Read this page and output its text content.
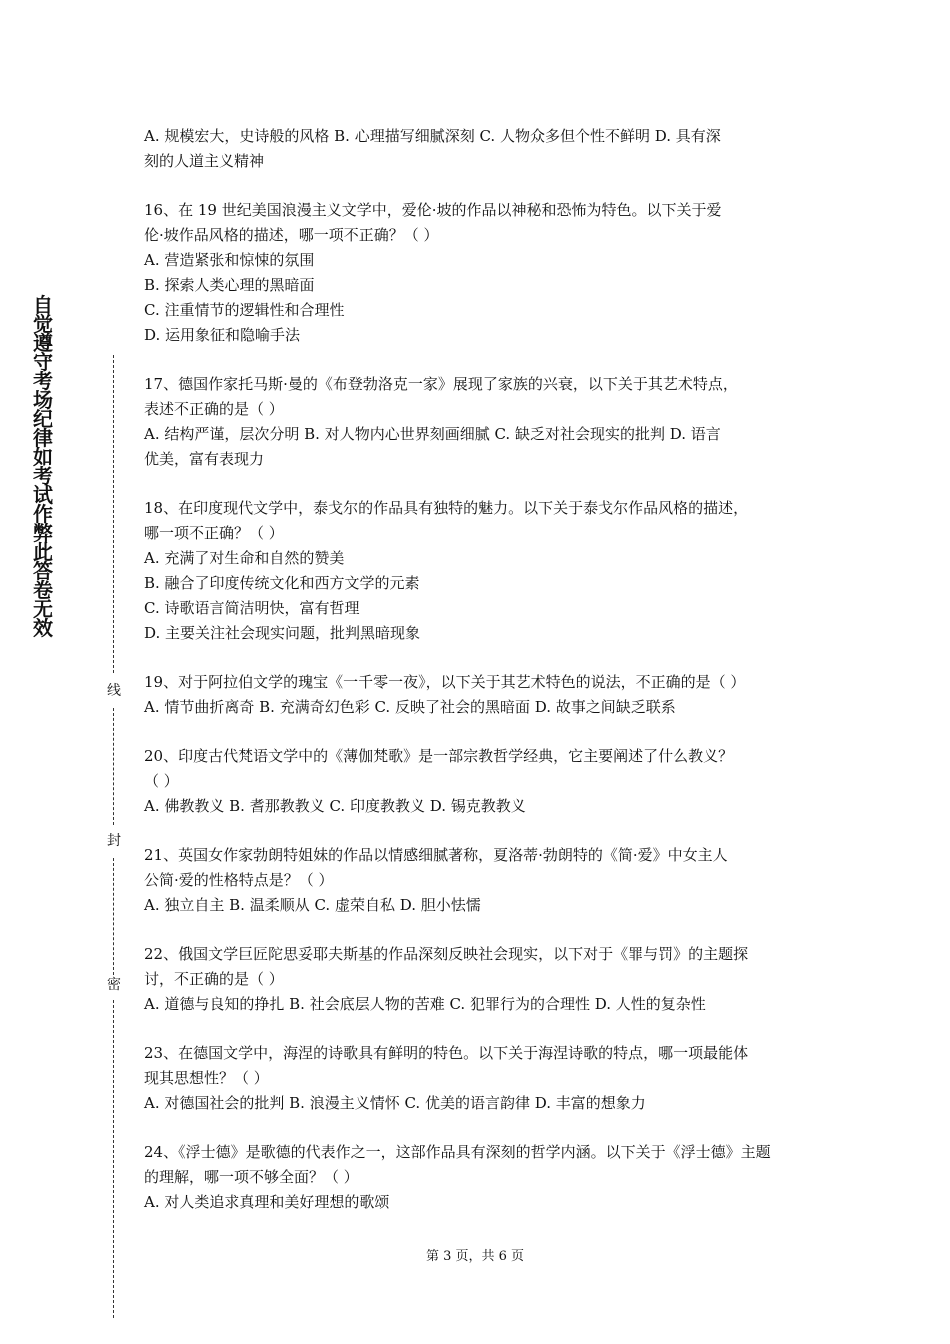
自觉遵守考场纪律如考试作弊此答卷无效
线
封
密

A. 规模宏大，史诗般的风格 B. 心理描写细腻深刻 C. 人物众多但个性不鲜明 D. 具有深

刻的人道主义精神

16、在 19 世纪美国浪漫主义文学中，爱伦·坡的作品以神秘和恐怖为特色。以下关于爱

伦·坡作品风格的描述，哪一项不正确？（ ）

A. 营造紧张和惊悚的氛围

B. 探索人类心理的黑暗面

C. 注重情节的逻辑性和合理性

D. 运用象征和隐喻手法

17、德国作家托马斯·曼的《布登勃洛克一家》展现了家族的兴衰，以下关于其艺术特点，

表述不正确的是（ ）

A. 结构严谨，层次分明 B. 对人物内心世界刻画细腻 C. 缺乏对社会现实的批判 D. 语言

优美，富有表现力

18、在印度现代文学中，泰戈尔的作品具有独特的魅力。以下关于泰戈尔作品风格的描述，

哪一项不正确？（ ）

A. 充满了对生命和自然的赞美

B. 融合了印度传统文化和西方文学的元素

C. 诗歌语言简洁明快，富有哲理

D. 主要关注社会现实问题，批判黑暗现象

19、对于阿拉伯文学的瑰宝《一千零一夜》，以下关于其艺术特色的说法，不正确的是（ ）

A. 情节曲折离奇 B. 充满奇幻色彩 C. 反映了社会的黑暗面 D. 故事之间缺乏联系

20、印度古代梵语文学中的《薄伽梵歌》是一部宗教哲学经典，它主要阐述了什么教义？

（ ）

A. 佛教教义 B. 耆那教教义 C. 印度教教义 D. 锡克教教义

21、英国女作家勃朗特姐妹的作品以情感细腻著称，夏洛蒂·勃朗特的《简·爱》中女主人

公简·爱的性格特点是？（ ）

A. 独立自主 B. 温柔顺从 C. 虚荣自私 D. 胆小怯懦

22、俄国文学巨匠陀思妥耶夫斯基的作品深刻反映社会现实，以下对于《罪与罚》的主题探

讨，不正确的是（ ）

A. 道德与良知的挣扎 B. 社会底层人物的苦难 C. 犯罪行为的合理性 D. 人性的复杂性

23、在德国文学中，海涅的诗歌具有鲜明的特色。以下关于海涅诗歌的特点，哪一项最能体

现其思想性？（ ）

A. 对德国社会的批判 B. 浪漫主义情怀 C. 优美的语言韵律 D. 丰富的想象力

24、《浮士德》是歌德的代表作之一，这部作品具有深刻的哲学内涵。以下关于《浮士德》主题

的理解，哪一项不够全面？（ ）

A. 对人类追求真理和美好理想的歌颂

第 3 页，共 6 页
